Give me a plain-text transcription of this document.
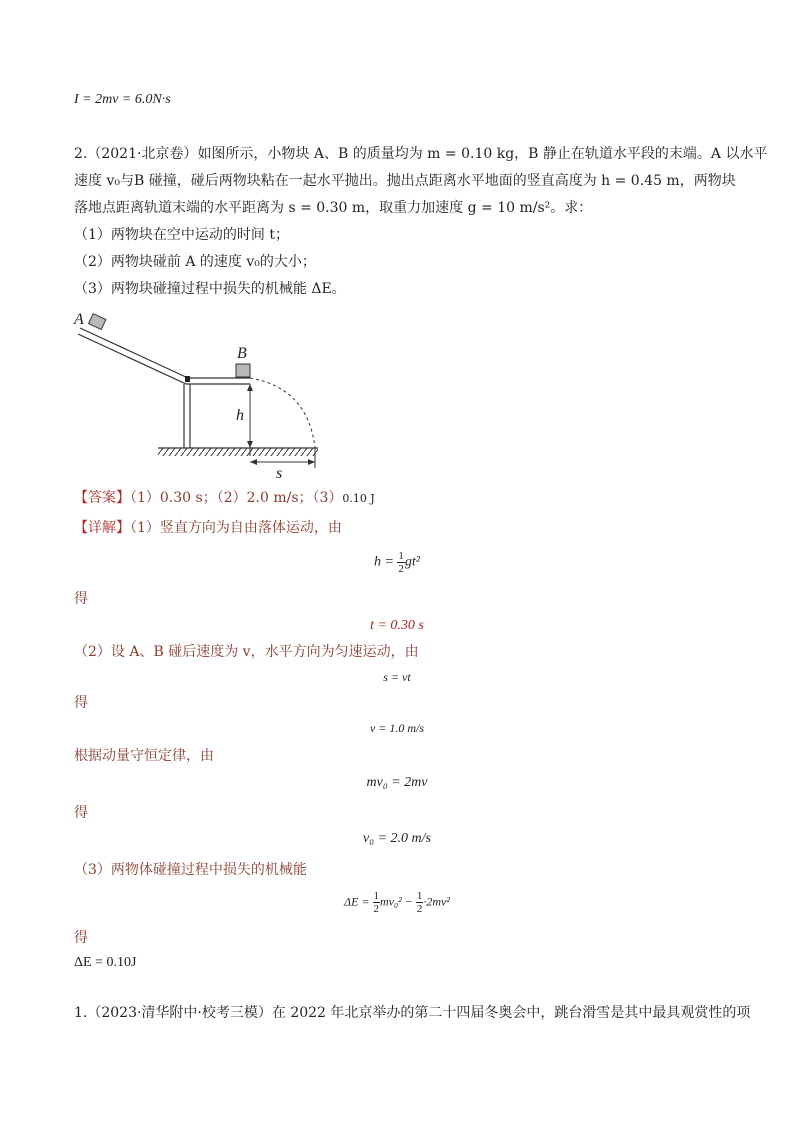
I = 2mv = 6.0N·s
2.（2021·北京卷）如图所示，小物块 A、B 的质量均为 m = 0.10 kg，B 静止在轨道水平段的末端。A 以水平
速度 v₀与B 碰撞，碰后两物块粘在一起水平抛出。抛出点距离水平地面的竖直高度为 h = 0.45 m，两物块
落地点距离轨道末端的水平距离为 s = 0.30 m，取重力加速度 g = 10 m/s²。求：
（1）两物块在空中运动的时间 t；
（2）两物块碰前 A 的速度 v₀的大小；
（3）两物块碰撞过程中损失的机械能 ΔE。
A
B
h
s
【答案】（1）0.30 s；（2）2.0 m/s；（3）0.10 J
【详解】（1）竖直方向为自由落体运动，由
$h = \frac{1}{2} gt^2$
得
t = 0.30 s
（2）设 A、B 碰后速度为 v，水平方向为匀速运动，由
s = vt
得
v = 1.0 m/s
根据动量守恒定律，由
mv₀ = 2mv
得
v₀ = 2.0 m/s
（3）两物体碰撞过程中损失的机械能
$\Delta E = \frac{1}{2} mv_0^2 - \frac{1}{2} \cdot 2mv^2$
得
ΔE = 0.10J
1.（2023·清华附中·校考三模）在 2022 年北京举办的第二十四届冬奥会中，跳台滑雪是其中最具观赏性的项
